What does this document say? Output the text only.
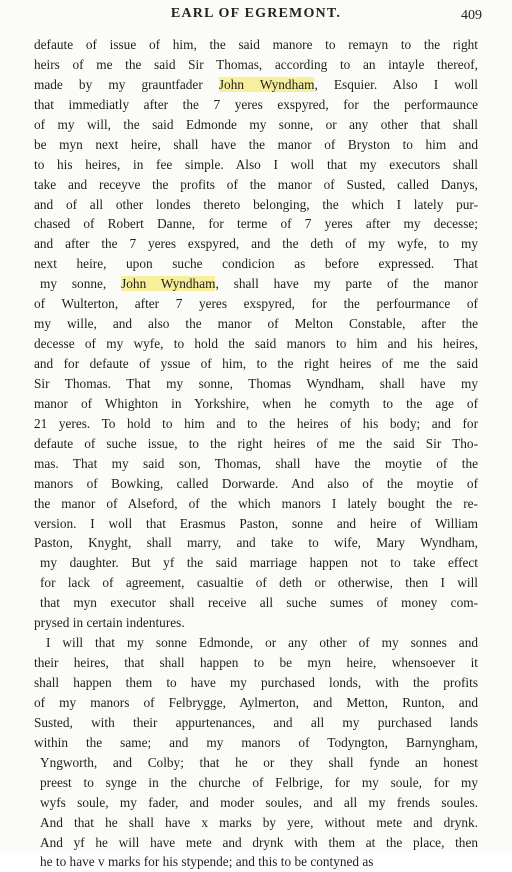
EARL OF EGREMONT.	409
defaute of issue of him, the said manore to remayn to the right
heirs of me the said Sir Thomas, according to an intayle thereof,
made by my grauntfader John Wyndham, Esquier. Also I woll
that immediatly after the 7 yeres exspyred, for the performaunce
of my will, the said Edmonde my sonne, or any other that shall
be myn next heire, shall have the manor of Bryston to him and
to his heires, in fee simple. Also I woll that my executors shall
take and receyve the profits of the manor of Susted, called Danys,
and of all other londes thereto belonging, the which I lately pur-
chased of Robert Danne, for terme of 7 yeres after my decesse;
and after the 7 yeres exspyred, and the deth of my wyfe, to my
next heire, upon suche condicion as before expressed. That
my sonne, John Wyndham, shall have my parte of the manor
of Wulterton, after 7 yeres exspyred, for the perfourmance of
my wille, and also the manor of Melton Constable, after the
decesse of my wyfe, to hold the said manors to him and his heires,
and for defaute of yssue of him, to the right heires of me the said
Sir Thomas. That my sonne, Thomas Wyndham, shall have my
manor of Whighton in Yorkshire, when he comyth to the age of
21 yeres. To hold to him and to the heires of his body; and for
defaute of suche issue, to the right heires of me the said Sir Tho-
mas. That my said son, Thomas, shall have the moytie of the
manors of Bowking, called Dorwarde. And also of the moytie of
the manor of Alseford, of the which manors I lately bought the re-
version. I woll that Erasmus Paston, sonne and heire of William
Paston, Knyght, shall marry, and take to wife, Mary Wyndham,
my daughter. But yf the said marriage happen not to take effect
for lack of agreement, casualtie of deth or otherwise, then I will
that myn executor shall receive all suche sumes of money com-
prysed in certain indentures.
I will that my sonne Edmonde, or any other of my sonnes and
their heires, that shall happen to be myn heire, whensoever it
shall happen them to have my purchased londs, with the profits
of my manors of Felbrygge, Aylmerton, and Metton, Runton, and
Susted, with their appurtenances, and all my purchased lands
within the same; and my manors of Todyngton, Barnyngham,
Yngworth, and Colby; that he or they shall fynde an honest
preest to synge in the churche of Felbrige, for my soule, for my
wyfs soule, my fader, and moder soules, and all my frends soules.
And that he shall have x marks by yere, without mete and drynk.
And yf he will have mete and drynk with them at the place, then
he to have v marks for his stypende; and this to be contyned as
